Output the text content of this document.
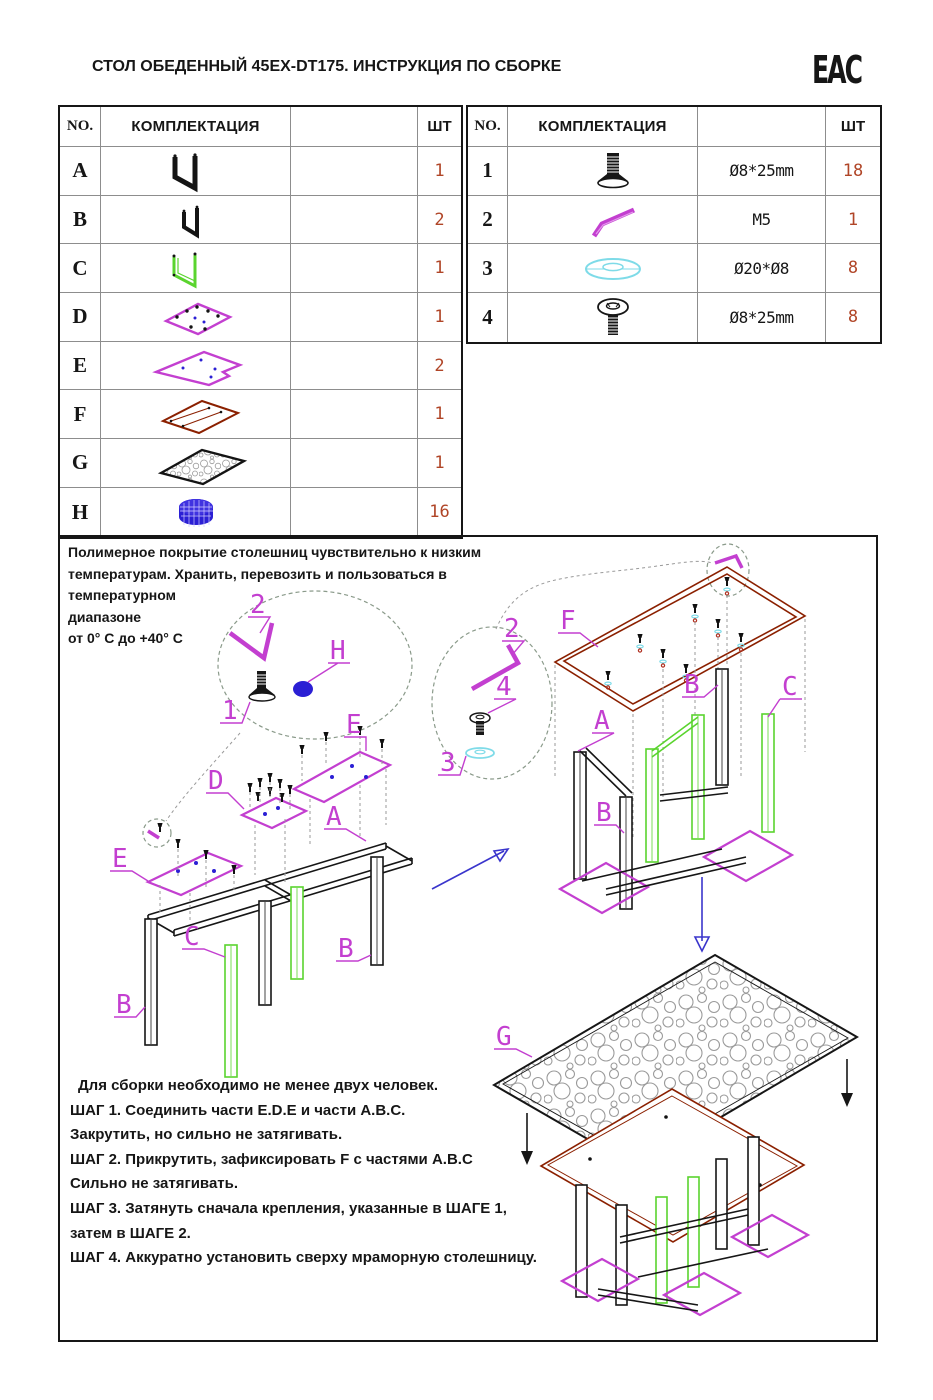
СТОЛ ОБЕДЕННЫЙ 45EX-DT175. ИНСТРУКЦИЯ ПО СБОРКЕ	ЕАС
NO.	КОМПЛЕКТАЦИЯ	ШТ
A	1
B	2
C	1
D	1
E	2
F	1
G	1
H	16
NO.	КОМПЛЕКТАЦИЯ	ШТ
1	Ø8*25mm	18
2	M5	1
3	Ø20*Ø8	8
4	Ø8*25mm	8
2
1
H
2
4
3
E
D
E
A
C	B
B
F
A
B	C
B
G
Полимерное покрытие столешниц чувствительно к низким
температурам. Хранить, перевозить и пользоваться в температурном
диапазоне
от 0° С до +40° С
Для сборки необходимо не менее двух человек.
ШАГ 1. Соединить части E.D.E и части A.B.C.
Закрутить, но сильно не затягивать.
ШАГ 2. Прикрутить, зафиксировать F с частями A.B.C
Сильно не затягивать.
ШАГ 3. Затянуть сначала крепления, указанные в ШАГЕ 1,
затем в ШАГЕ 2.
ШАГ 4. Аккуратно установить сверху мраморную столешницу.
